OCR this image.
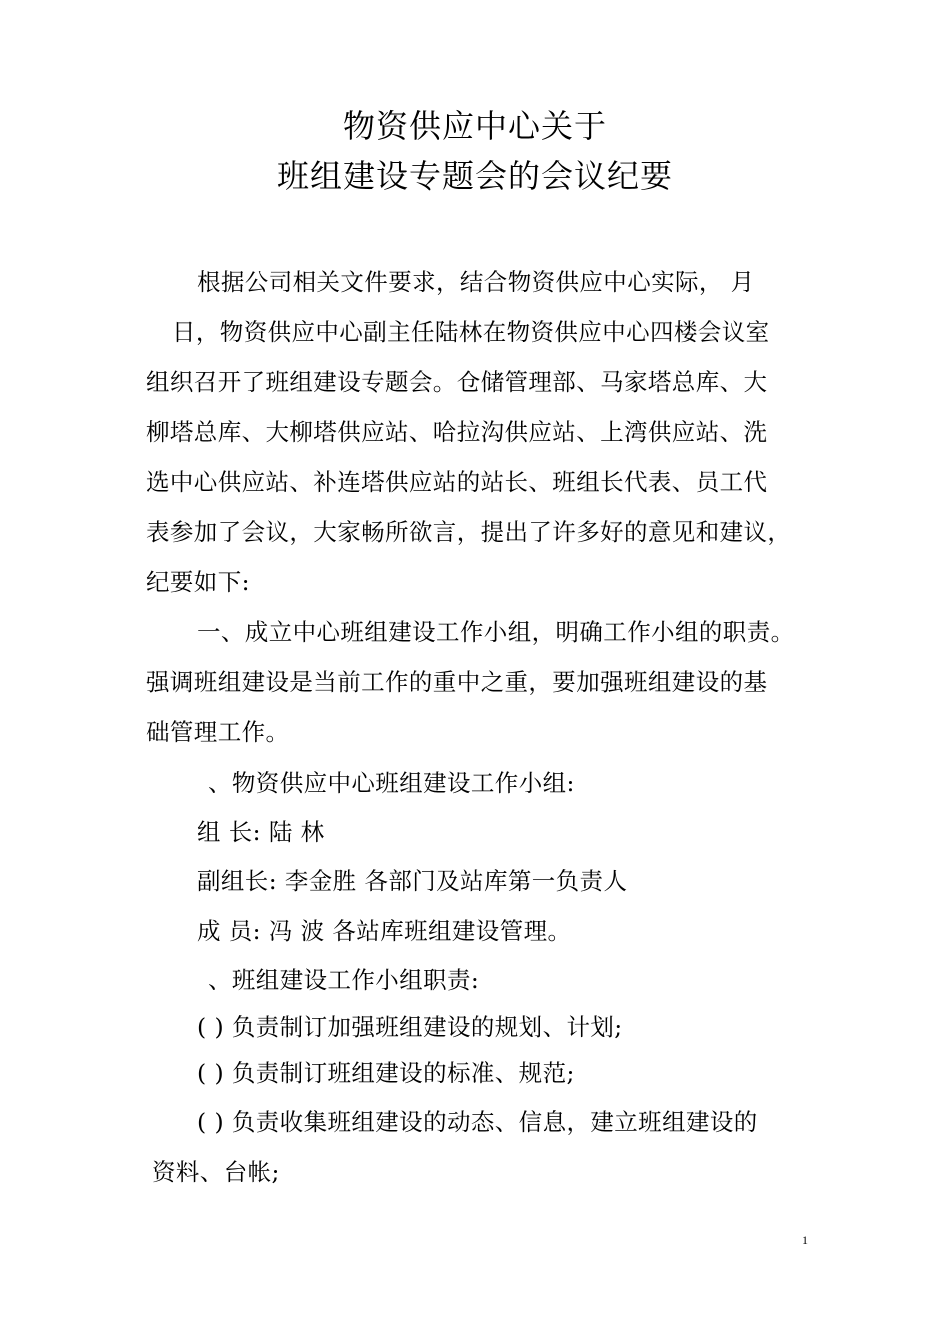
物资供应中心关于
班组建设专题会的会议纪要
根据公司相关文件要求，结合物资供应中心实际， 月
日，物资供应中心副主任陆林在物资供应中心四楼会议室
组织召开了班组建设专题会。仓储管理部、马家塔总库、大
柳塔总库、大柳塔供应站、哈拉沟供应站、上湾供应站、洗
选中心供应站、补连塔供应站的站长、班组长代表、员工代
表参加了会议，大家畅所欲言，提出了许多好的意见和建议，
纪要如下:
一、成立中心班组建设工作小组，明确工作小组的职责。
强调班组建设是当前工作的重中之重，要加强班组建设的基
础管理工作。
、物资供应中心班组建设工作小组:
组 长: 陆 林
副组长: 李金胜 各部门及站库第一负责人
成 员: 冯 波 各站库班组建设管理。
、班组建设工作小组职责:
( ) 负责制订加强班组建设的规划、计划;
( ) 负责制订班组建设的标准、规范;
( ) 负责收集班组建设的动态、信息，建立班组建设的
资料、台帐;
1
